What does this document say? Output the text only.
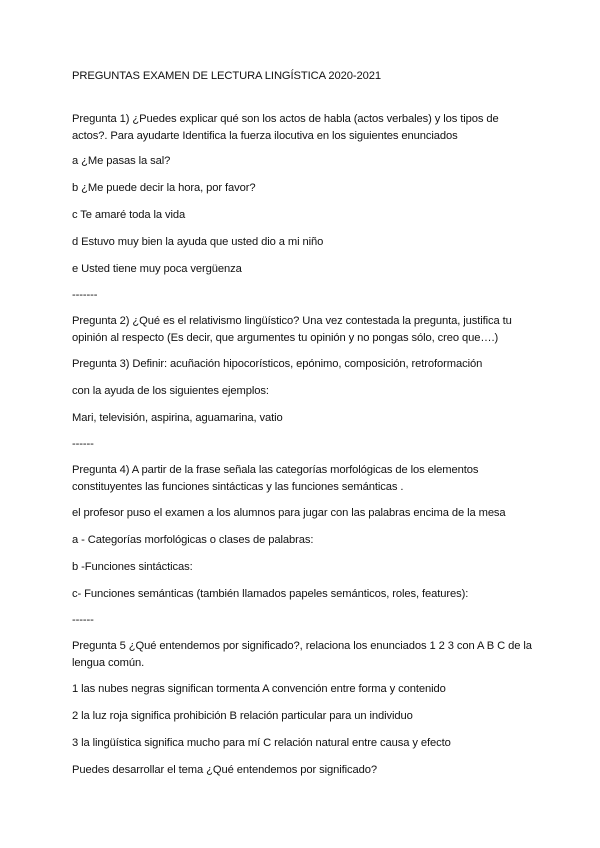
PREGUNTAS EXAMEN DE LECTURA LINGÍSTICA 2020-2021
Pregunta 1) ¿Puedes explicar qué son los actos de habla (actos verbales) y los tipos de actos?. Para ayudarte Identifica la fuerza ilocutiva en los siguientes enunciados
a ¿Me pasas la sal?
b ¿Me puede decir la hora, por favor?
c Te amaré toda la vida
d Estuvo muy bien la ayuda que usted dio a mi niño
e Usted tiene muy poca vergüenza
-------
Pregunta 2) ¿Qué es el relativismo lingüístico? Una vez contestada la pregunta, justifica tu opinión al respecto (Es decir, que argumentes tu opinión y no pongas sólo, creo que….)
Pregunta 3) Definir: acuñación hipocorísticos, epónimo, composición, retroformación
con la ayuda de los siguientes ejemplos:
Mari, televisión, aspirina, aguamarina, vatio
------
Pregunta 4) A partir de la frase señala las categorías morfológicas de los elementos constituyentes las funciones sintácticas y las funciones semánticas .
el profesor puso el examen a los alumnos para jugar con las palabras encima de la mesa
a - Categorías morfológicas o clases de palabras:
b -Funciones sintácticas:
c- Funciones semánticas (también llamados papeles semánticos, roles, features):
------
Pregunta 5 ¿Qué entendemos por significado?, relaciona los enunciados 1 2 3 con A B C de la lengua común.
1 las nubes negras significan tormenta A convención entre forma y contenido
2 la luz roja significa prohibición B relación particular para un individuo
3 la lingüística significa mucho para mí C relación natural entre causa y efecto
Puedes desarrollar el tema ¿Qué entendemos por significado?
